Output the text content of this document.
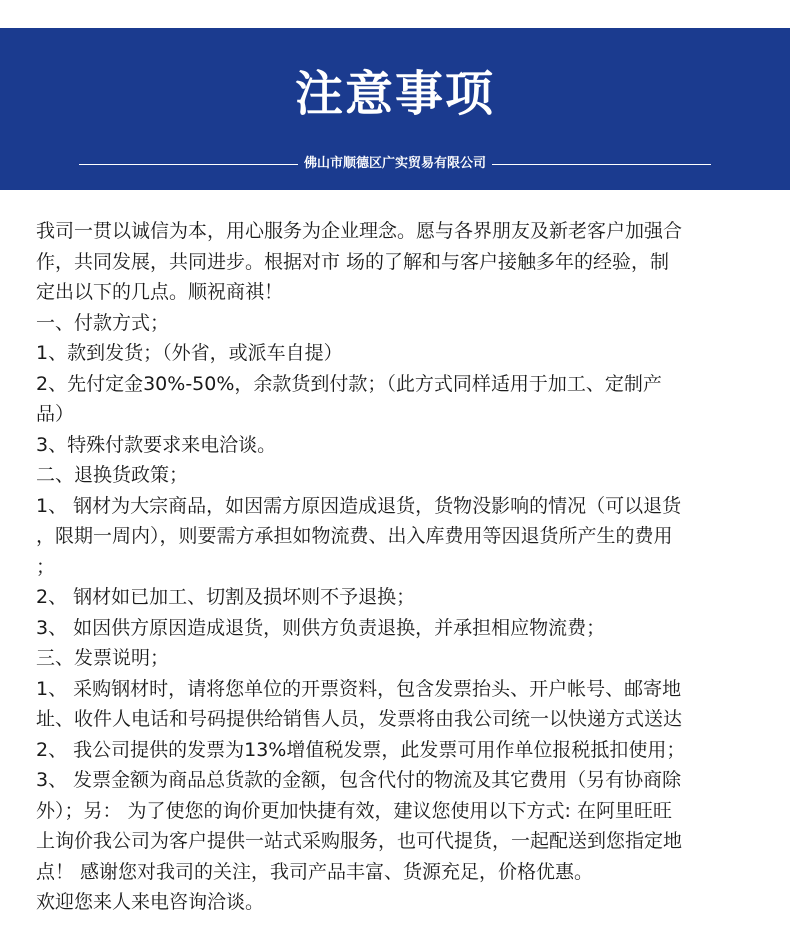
注意事项
佛山市顺德区广实贸易有限公司
我司一贯以诚信为本，用心服务为企业理念。愿与各界朋友及新老客户加强合
作，共同发展，共同进步。根据对市 场的了解和与客户接触多年的经验，制
定出以下的几点。顺祝商祺！
一、付款方式；
1、款到发货；（外省，或派车自提）
2、先付定金30%-50%，余款货到付款；（此方式同样适用于加工、定制产
品）
3、特殊付款要求来电洽谈。
二、退换货政策；
1、 钢材为大宗商品，如因需方原因造成退货，货物没影响的情况（可以退货
，限期一周内），则要需方承担如物流费、出入库费用等因退货所产生的费用
；
2、 钢材如已加工、切割及损坏则不予退换；
3、 如因供方原因造成退货，则供方负责退换，并承担相应物流费；
三、发票说明；
1、 采购钢材时，请将您单位的开票资料，包含发票抬头、开户帐号、邮寄地
址、收件人电话和号码提供给销售人员，发票将由我公司统一以快递方式送达
2、 我公司提供的发票为13%增值税发票，此发票可用作单位报税抵扣使用；
3、 发票金额为商品总货款的金额，包含代付的物流及其它费用（另有协商除
外）；另： 为了使您的询价更加快捷有效，建议您使用以下方式: 在阿里旺旺
上询价我公司为客户提供一站式采购服务，也可代提货，一起配送到您指定地
点！ 感谢您对我司的关注，我司产品丰富、货源充足，价格优惠。
欢迎您来人来电咨询洽谈。
